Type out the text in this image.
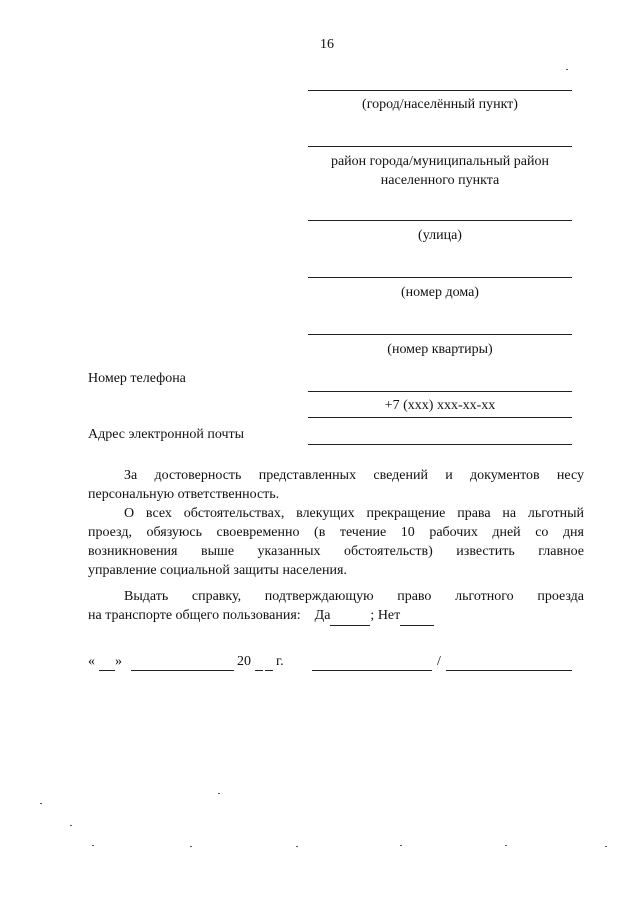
16
(город/населённый пункт)
район города/муниципальный район
населенного пункта
(улица)
(номер дома)
(номер квартиры)
Номер телефона
+7 (ххх) ххх-хх-хх
Адрес электронной почты
За достоверность представленных сведений и документов несу
персональную ответственность.
О всех обстоятельствах, влекущих прекращение права на льготный
проезд, обязуюсь своевременно (в течение 10 рабочих дней со дня
возникновения выше указанных обстоятельств) известить главное
управление социальной защиты населения.
Выдать справку, подтверждающую право льготного проезда
на транспорте общего пользования: Да	; Нет
« »	20 г.	/
